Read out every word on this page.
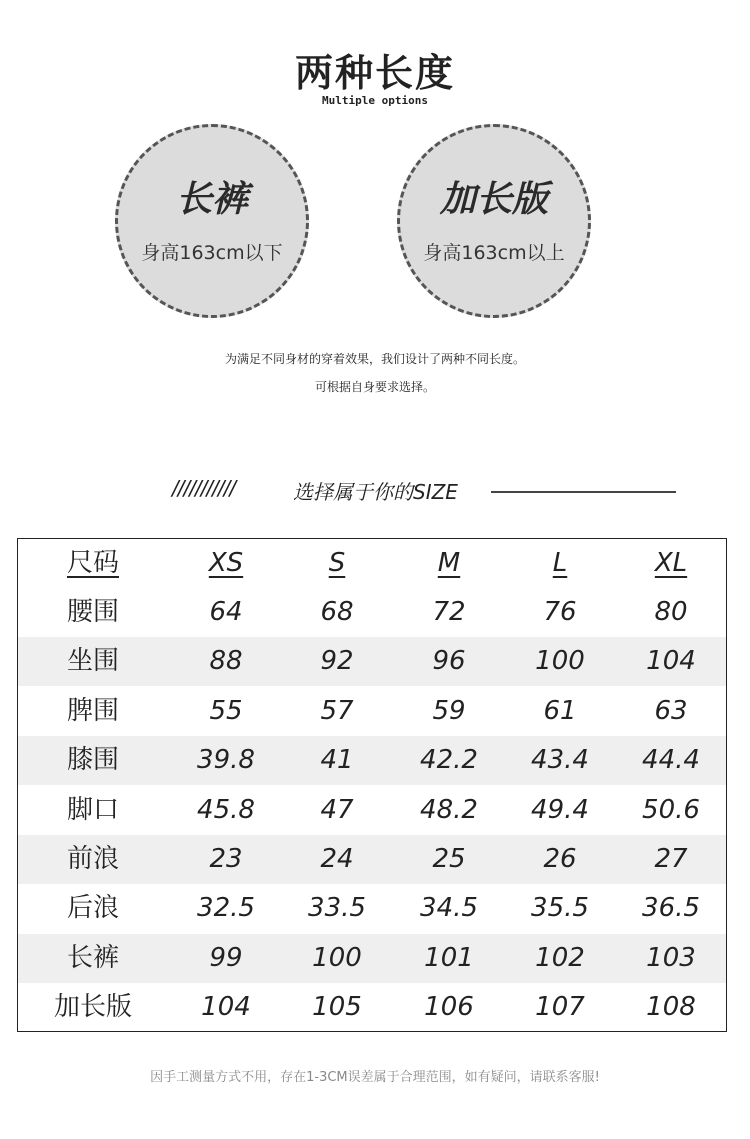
两种长度
Multiple options
长裤
身高163cm以下
加长版
身高163cm以上
为满足不同身材的穿着效果，我们设计了两种不同长度。
可根据自身要求选择。
///////////	选择属于你的SIZE
尺码	XS	S	M	L	XL
腰围	64	68	72	76	80
坐围	88	92	96	100	104
脾围	55	57	59	61	63
膝围	39.8	41	42.2	43.4	44.4
脚口	45.8	47	48.2	49.4	50.6
前浪	23	24	25	26	27
后浪	32.5	33.5	34.5	35.5	36.5
长裤	99	100	101	102	103
加长版	104	105	106	107	108
因手工测量方式不用，存在1-3CM误差属于合理范围，如有疑问，请联系客服!
